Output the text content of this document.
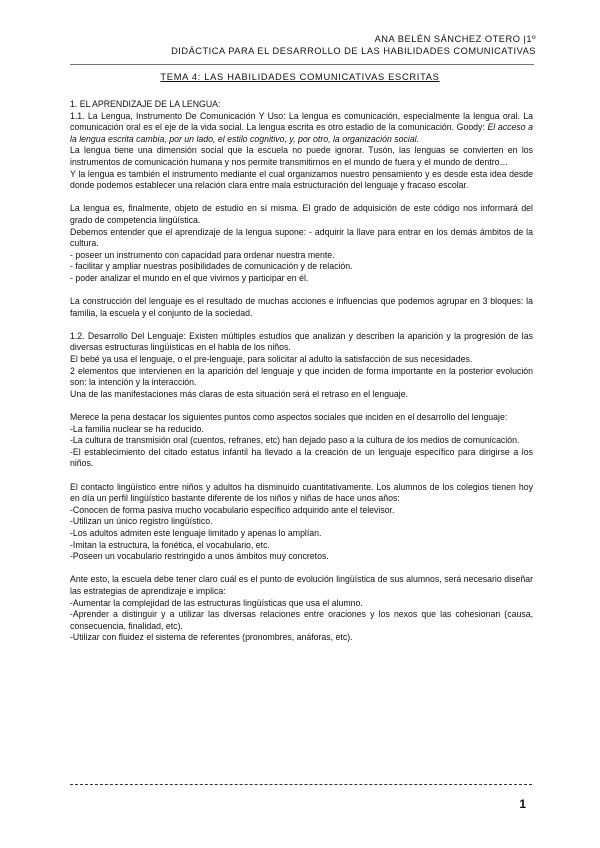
ANA BELÉN SÁNCHEZ OTERO |1º
DIDÁCTICA PARA EL DESARROLLO DE LAS HABILIDADES COMUNICATIVAS
TEMA 4: LAS HABILIDADES COMUNICATIVAS ESCRITAS

1. EL APRENDIZAJE DE LA LENGUA:

1.1. La Lengua, Instrumento De Comunicación Y Uso: La lengua es comunicación, especialmente la lengua oral. La comunicación oral es el eje de la vida social. La lengua escrita es otro estadio de la comunicación. Goody: El acceso a la lengua escrita cambia, por un lado, el estilo cognitivo, y, por otro, la organización social.

La lengua tiene una dimensión social que la escuela no puede ignorar. Tusón, las lenguas se convierten en los instrumentos de comunicación humana y nos permite transmitirnos en el mundo de fuera y el mundo de dentro…

Y la lengua es también el instrumento mediante el cual organizamos nuestro pensamiento y es desde esta idea desde donde podemos establecer una relación clara entre mala estructuración del lenguaje y fracaso escolar.

La lengua es, finalmente, objeto de estudio en sí misma. El grado de adquisición de este código nos informará del grado de competencia lingüística.

Debemos entender que el aprendizaje de la lengua supone: - adquirir la llave para entrar en los demás ámbitos de la cultura.

- poseer un instrumento con capacidad para ordenar nuestra mente.

- facilitar y ampliar nuestras posibilidades de comunicación y de relación.

- poder analizar el mundo en el que vivimos y participar en él.

La construcción del lenguaje es el resultado de muchas acciones e influencias que podemos agrupar en 3 bloques: la familia, la escuela y el conjunto de la sociedad.

1.2. Desarrollo Del Lenguaje: Existen múltiples estudios que analizan y describen la aparición y la progresión de las diversas estructuras lingüísticas en el habla de los niños.

El bebé ya usa el lenguaje, o el pre-lenguaje, para solicitar al adulto la satisfacción de sus necesidades.

2 elementos que intervienen en la aparición del lenguaje y que inciden de forma importante en la posterior evolución son: la intención y la interacción.

Una de las manifestaciones más claras de esta situación será el retraso en el lenguaje.

Merece la pena destacar los siguientes puntos como aspectos sociales que inciden en el desarrollo del lenguaje:

-La familia nuclear se ha reducido.

-La cultura de transmisión oral (cuentos, refranes, etc) han dejado paso a la cultura de los medios de comunicación.

-El establecimiento del citado estatus infantil ha llevado a la creación de un lenguaje específico para dirigirse a los niños.

El contacto lingüístico entre niños y adultos ha disminuido cuantitativamente. Los alumnos de los colegios tienen hoy en día un perfil lingüístico bastante diferente de los niños y niñas de hace unos años:

-Conocen de forma pasiva mucho vocabulario específico adquirido ante el televisor.

-Utilizan un único registro lingüístico.

-Los adultos admiten este lenguaje limitado y apenas lo amplían.

-Imitan la estructura, la fonética, el vocabulario, etc.

-Poseen un vocabulario restringido a unos ámbitos muy concretos.

Ante esto, la escuela debe tener claro cuál es el punto de evolución lingüística de sus alumnos, será necesario diseñar las estrategias de aprendizaje e implica:

-Aumentar la complejidad de las estructuras lingüísticas que usa el alumno.

-Aprender a distinguir y a utilizar las diversas relaciones entre oraciones y los nexos que las cohesionan (causa, consecuencia, finalidad, etc).

-Utilizar con fluidez el sistema de referentes (pronombres, anáforas, etc).

1
